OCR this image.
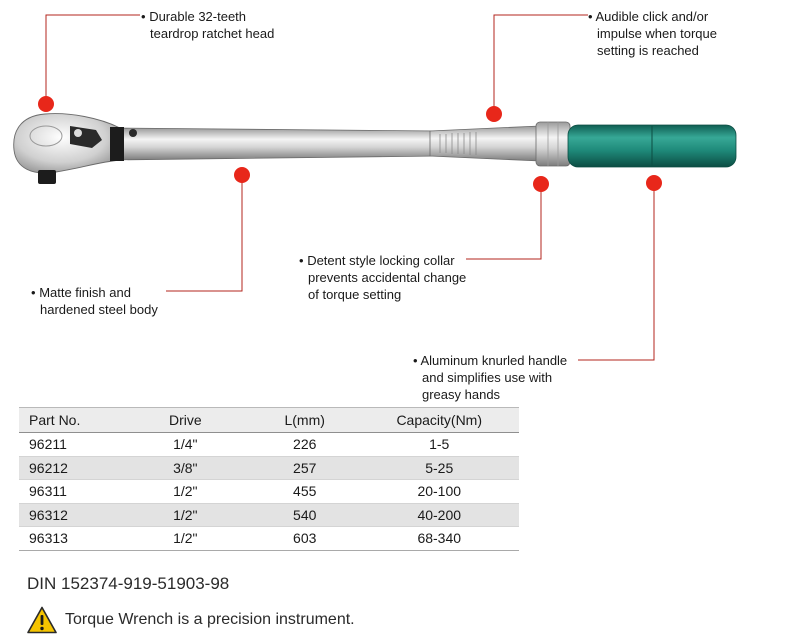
• Durable 32-teeth
teardrop ratchet head
• Audible click and/or
impulse when torque
setting is reached
• Detent style locking collar
prevents accidental change
of torque setting
• Matte finish and
hardened steel body
• Aluminum knurled handle
and simplifies use with
greasy hands
Part No.	Drive	L(mm)	Capacity(Nm)
96211	1/4"	226	1-5
96212	3/8"	257	5-25
96311	1/2"	455	20-100
96312	1/2"	540	40-200
96313	1/2"	603	68-340
DIN 152374-919-51903-98
Torque Wrench is a precision instrument.
